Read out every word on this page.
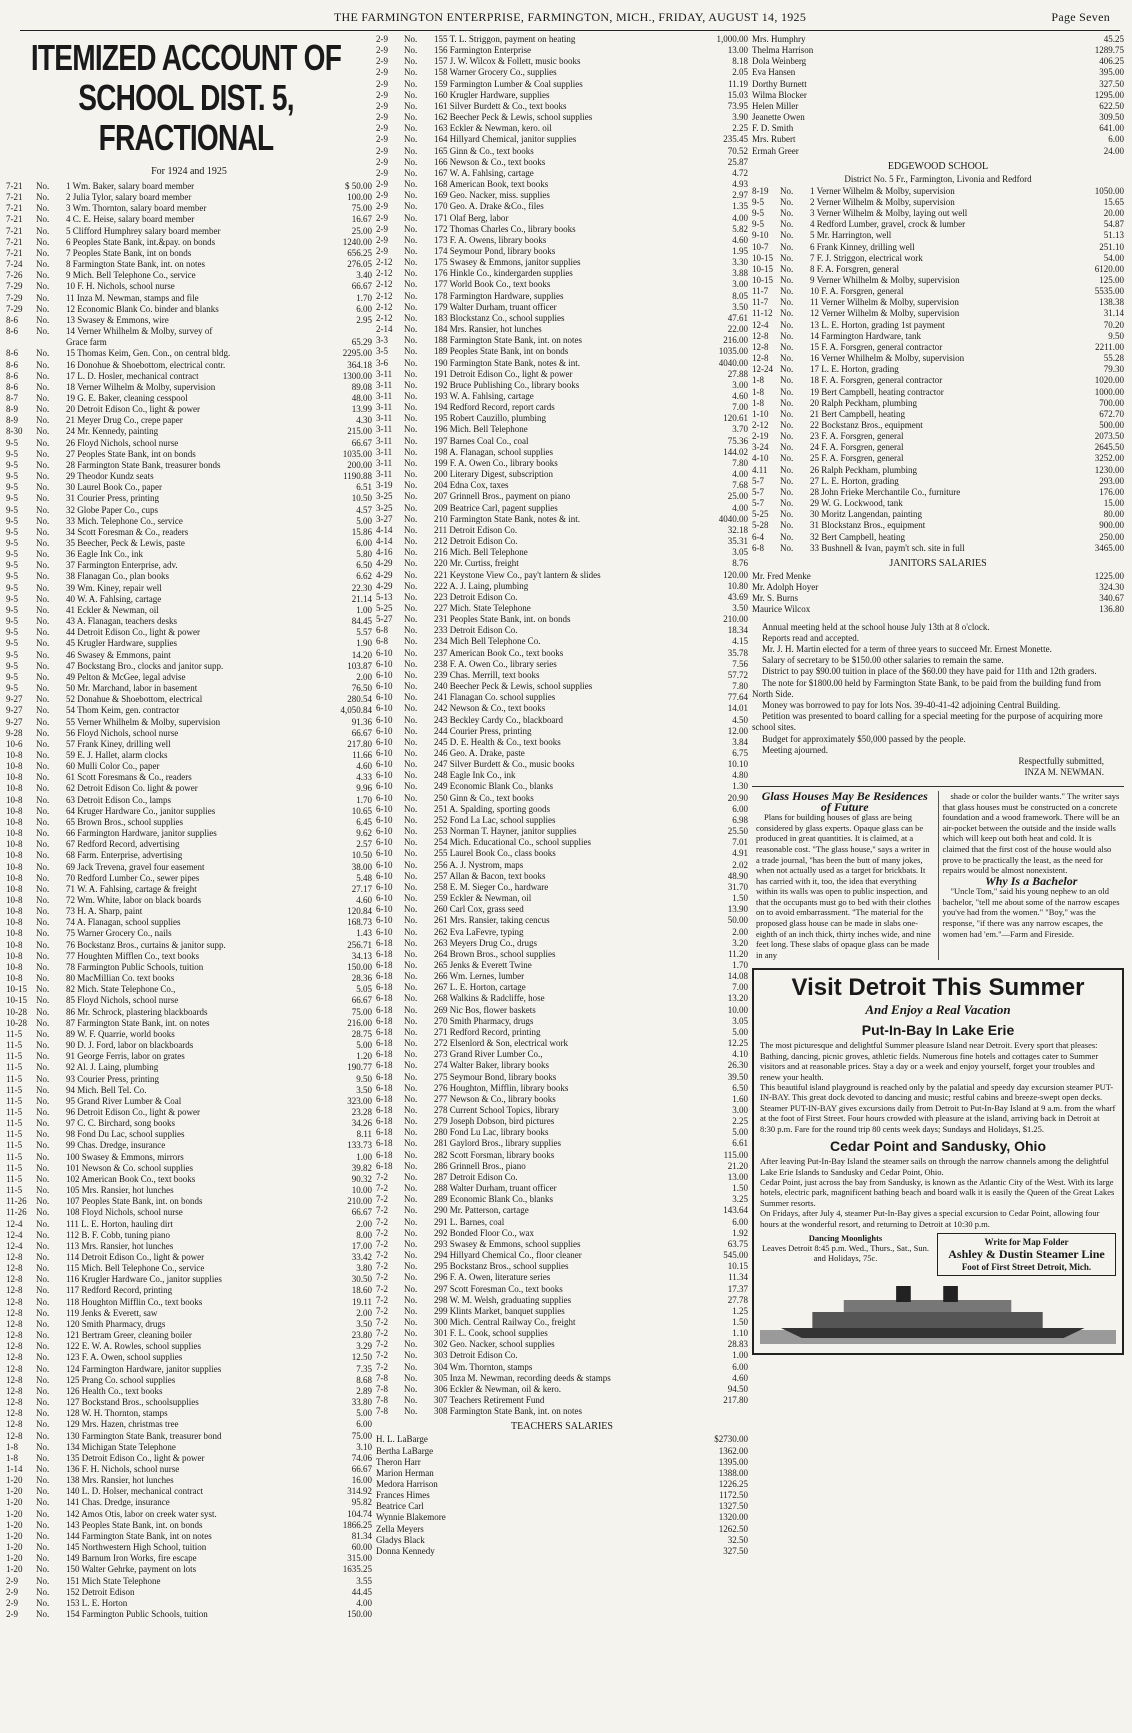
THE FARMINGTON ENTERPRISE, FARMINGTON, MICH., FRIDAY, AUGUST 14, 1925	Page Seven
ITEMIZED ACCOUNT OF
SCHOOL DIST. 5, FRACTIONAL
For 1924 and 1925
7-21	No.	1 Wm. Baker, salary board member	$ 50.00
7-21	No.	2 Julia Tylor, salary board member	100.00
7-21	No.	3 Wm. Thornton, salary board member	75.00
7-21	No.	4 C. E. Heise, salary board member	16.67
7-21	No.	5 Clifford Humphrey salary board member	25.00
7-21	No.	6 Peoples State Bank, int.&pay. on bonds	1240.00
7-21	No.	7 Peoples State Bank, int on bonds	656.25
7-24	No.	8 Farmington State Bank, int. on notes	276.05
7-26	No.	9 Mich. Bell Telephone Co., service	3.40
7-29	No.	10 F. H. Nichols, school nurse	66.67
7-29	No.	11 Inza M. Newman, stamps and file	1.70
7-29	No.	12 Economic Blank Co. binder and blanks	6.00
8-6	No.	13 Swasey & Emmons, wire	2.95
8-6	No.	14 Verner Whilhelm & Molby, survey of
Grace farm	65.29
8-6	No.	15 Thomas Keim, Gen. Con., on central bldg.	2295.00
8-6	No.	16 Donohue & Shoebottom, electrical contr.	364.18
8-6	No.	17 L. D. Hosler, mechanical contract	1300.00
8-6	No.	18 Verner Wilhelm & Molby, supervision	89.08
8-7	No.	19 G. E. Baker, cleaning cesspool	48.00
8-9	No.	20 Detroit Edison Co., light & power	13.99
8-9	No.	21 Meyer Drug Co., crepe paper	4.30
8-30	No.	24 Mr. Kennedy, painting	215.00
9-5	No.	26 Floyd Nichols, school nurse	66.67
9-5	No.	27 Peoples State Bank, int on bonds	1035.00
9-5	No.	28 Farmington State Bank, treasurer bonds	200.00
9-5	No.	29 Theodor Kundz seats	1190.88
9-5	No.	30 Laurel Book Co., paper	6.51
9-5	No.	31 Courier Press, printing	10.50
9-5	No.	32 Globe Paper Co., cups	4.57
9-5	No.	33 Mich. Telephone Co., service	5.00
9-5	No.	34 Scott Foresman & Co., readers	15.86
9-5	No.	35 Beecher, Peck & Lewis, paste	6.00
9-5	No.	36 Eagle Ink Co., ink	5.80
9-5	No.	37 Farmington Enterprise, adv.	6.50
9-5	No.	38 Flanagan Co., plan books	6.62
9-5	No.	39 Wm. Kiney, repair well	22.30
9-5	No.	40 W. A. Fahlsing, cartage	21.14
9-5	No.	41 Eckler & Newman, oil	1.00
9-5	No.	43 A. Flanagan, teachers desks	84.45
9-5	No.	44 Detroit Edison Co., light & power	5.57
9-5	No.	45 Krugler Hardware, supplies	1.90
9-5	No.	46 Swasey & Emmons, paint	14.20
9-5	No.	47 Bockstang Bro., clocks and janitor supp.	103.87
9-5	No.	49 Pelton & McGee, legal advise	2.00
9-5	No.	50 Mr. Marchand, labor in basement	76.50
9-27	No.	52 Donahue & Shoebottom, electrical	280.54
9-27	No.	54 Thom Keim, gen. contractor	4,050.84
9-27	No.	55 Verner Whilhelm & Molby, supervision	91.36
9-28	No.	56 Floyd Nichols, school nurse	66.67
10-6	No.	57 Frank Kiney, drilling well	217.80
10-8	No.	59 E. J. Hallet, alarm clocks	11.66
10-8	No.	60 Mulli Color Co., paper	4.60
10-8	No.	61 Scott Foresmans & Co., readers	4.33
10-8	No.	62 Detroit Edison Co. light & power	9.96
10-8	No.	63 Detroit Edison Co., lamps	1.70
10-8	No.	64 Kruger Hardware Co., janitor supplies	10.65
10-8	No.	65 Brown Bros., school supplies	6.45
10-8	No.	66 Farmington Hardware, janitor supplies	9.62
10-8	No.	67 Redford Record, advertising	2.57
10-8	No.	68 Farm. Enterprise, advertising	10.50
10-8	No.	69 Jack Trevena, gravel four easement	38.00
10-8	No.	70 Redford Lumber Co., sewer pipes	5.48
10-8	No.	71 W. A. Fahlsing, cartage & freight	27.17
10-8	No.	72 Wm. White, labor on black boards	4.60
10-8	No.	73 H. A. Sharp, paint	120.84
10-8	No.	74 A. Flanagan, school supplies	168.73
10-8	No.	75 Warner Grocery Co., nails	1.43
10-8	No.	76 Bockstanz Bros., curtains & janitor supp.	256.71
10-8	No.	77 Houghten Mifflen Co., text books	34.13
10-8	No.	78 Farmington Public Schools, tuition	150.00
10-8	No.	80 MacMillian Co. text books	28.36
10-15	No.	82 Mich. State Telephone Co.,	5.05
10-15	No.	85 Floyd Nichols, school nurse	66.67
10-28	No.	86 Mr. Schrock, plastering blackboards	75.00
10-28	No.	87 Farmington State Bank, int. on notes	216.00
11-5	No.	89 W. F. Quarrie, world books	28.75
11-5	No.	90 D. J. Ford, labor on blackboards	5.00
11-5	No.	91 George Ferris, labor on grates	1.20
11-5	No.	92 Al. J. Laing, plumbing	190.77
11-5	No.	93 Courier Press, printing	9.50
11-5	No.	94 Mich. Bell Tel. Co.	3.50
11-5	No.	95 Grand River Lumber & Coal	323.00
11-5	No.	96 Detroit Edison Co., light & power	23.28
11-5	No.	97 C. C. Birchard, song books	34.26
11-5	No.	98 Fond Du Lac, school supplies	8.11
11-5	No.	99 Chas. Dredge, insurance	133.73
11-5	No.	100 Swasey & Emmons, mirrors	1.00
11-5	No.	101 Newson & Co. school supplies	39.82
11-5	No.	102 American Book Co., text books	90.32
11-5	No.	105 Mrs. Ransier, hot lunches	10.00
11-26	No.	107 Peoples State Bank, int. on bonds	210.00
11-26	No.	108 Floyd Nichols, school nurse	66.67
12-4	No.	111 L. E. Horton, hauling dirt	2.00
12-4	No.	112 B. F. Cobb, tuning piano	8.00
12-4	No.	113 Mrs. Ransier, hot lunches	17.00
12-8	No.	114 Detroit Edison Co., light & power	33.42
12-8	No.	115 Mich. Bell Telephone Co., service	3.80
12-8	No.	116 Krugler Hardware Co., janitor supplies	30.50
12-8	No.	117 Redford Record, printing	18.60
12-8	No.	118 Houghton Mifflin Co., text books	19.11
12-8	No.	119 Jenks & Everett, saw	2.00
12-8	No.	120 Smith Pharmacy, drugs	3.50
12-8	No.	121 Bertram Greer, cleaning boiler	23.80
12-8	No.	122 E. W. A. Rowles, school supplies	3.29
12-8	No.	123 F. A. Owen, school supplies	12.50
12-8	No.	124 Farmington Hardware, janitor supplies	7.35
12-8	No.	125 Prang Co. school supplies	8.68
12-8	No.	126 Health Co., text books	2.89
12-8	No.	127 Bockstand Bros., schoolsupplies	33.80
12-8	No.	128 W. H. Thornton, stamps	5.00
12-8	No.	129 Mrs. Hazen, christmas tree	6.00
12-8	No.	130 Farmington State Bank, treasurer bond	75.00
1-8	No.	134 Michigan State Telephone	3.10
1-8	No.	135 Detroit Edison Co., light & power	74.06
1-14	No.	136 F. H. Nichols, school nurse	66.67
1-20	No.	138 Mrs. Ransier, hot lunches	16.00
1-20	No.	140 L. D. Holser, mechanical contract	314.92
1-20	No.	141 Chas. Dredge, insurance	95.82
1-20	No.	142 Amos Otis, labor on creek water syst.	104.74
1-20	No.	143 Peoples State Bank, int. on bonds	1866.25
1-20	No.	144 Farmington State Bank, int on notes	81.34
1-20	No.	145 Northwestern High School, tuition	60.00
1-20	No.	149 Barnum Iron Works, fire escape	315.00
1-20	No.	150 Walter Gehrke, payment on lots	1635.25
2-9	No.	151 Mich State Telephone	3.55
2-9	No.	152 Detroit Edison	44.45
2-9	No.	153 L. E. Horton	4.00
2-9	No.	154 Farmington Public Schools, tuition	150.00
2-9	No.	155 T. L. Striggon, payment on heating	1,000.00
2-9	No.	156 Farmington Enterprise	13.00
2-9	No.	157 J. W. Wilcox & Follett, music books	8.18
2-9	No.	158 Warner Grocery Co., supplies	2.05
2-9	No.	159 Farmington Lumber & Coal supplies	11.19
2-9	No.	160 Krugler Hardware, supplies	15.03
2-9	No.	161 Silver Burdett & Co., text books	73.95
2-9	No.	162 Beecher Peck & Lewis, school supplies	3.90
2-9	No.	163 Eckler & Newman, kero. oil	2.25
2-9	No.	164 Hillyard Chemical, janitor supplies	235.45
2-9	No.	165 Ginn & Co., text books	70.52
2-9	No.	166 Newson & Co., text books	25.87
2-9	No.	167 W. A. Fahlsing, cartage	4.72
2-9	No.	168 American Book, text books	4.93
2-9	No.	169 Geo. Nacker, miss. supplies	2.97
2-9	No.	170 Geo. A. Drake &Co., files	1.35
2-9	No.	171 Olaf Berg, labor	4.00
2-9	No.	172 Thomas Charles Co., library books	5.82
2-9	No.	173 F. A. Owens, library books	4.60
2-9	No.	174 Seymour Pond, library books	1.95
2-12	No.	175 Swasey & Emmons, janitor supplies	3.30
2-12	No.	176 Hinkle Co., kindergarden supplies	3.88
2-12	No.	177 World Book Co., text books	3.00
2-12	No.	178 Farmington Hardware, supplies	8.05
2-12	No.	179 Walter Durham, truant officer	3.50
2-12	No.	183 Blockstanz Co., school supplies	47.61
2-14	No.	184 Mrs. Ransier, hot lunches	22.00
3-3	No.	188 Farmington State Bank, int. on notes	216.00
3-5	No.	189 Peoples State Bank, int on bonds	1035.00
3-6	No.	190 Farmington State Bank, notes & int.	4040.00
3-11	No.	191 Detroit Edison Co., light & power	27.88
3-11	No.	192 Bruce Publishing Co., library books	3.00
3-11	No.	193 W. A. Fahlsing, cartage	4.60
3-11	No.	194 Redford Record, report cards	7.00
3-11	No.	195 Robert Cauzillo, plumbing	120.61
3-11	No.	196 Mich. Bell Telephone	3.70
3-11	No.	197 Barnes Coal Co., coal	75.36
3-11	No.	198 A. Flanagan, school supplies	144.02
3-11	No.	199 F. A. Owen Co., library books	7.80
3-11	No.	200 Literary Digest, subscription	4.00
3-19	No.	204 Edna Cox, taxes	7.68
3-25	No.	207 Grinnell Bros., payment on piano	25.00
3-25	No.	209 Beatrice Carl, pagent supplies	4.00
3-27	No.	210 Farmington State Bank, notes & int.	4040.00
4-14	No.	211 Detroit Edison Co.	32.18
4-14	No.	212 Detroit Edison Co.	35.31
4-16	No.	216 Mich. Bell Telephone	3.05
4-29	No.	220 Mr. Curtiss, freight	8.76
4-29	No.	221 Keystone View Co., pay't lantern & slides	120.00
4-29	No.	222 A. J. Laing, plumbing	10.80
5-13	No.	223 Detroit Edison Co.	43.69
5-25	No.	227 Mich. State Telephone	3.50
5-27	No.	231 Peoples State Bank, int. on bonds	210.00
6-8	No.	233 Detroit Edison Co.	18.34
6-8	No.	234 Mich Bell Telephone Co.	4.15
6-10	No.	237 American Book Co., text books	35.78
6-10	No.	238 F. A. Owen Co., library series	7.56
6-10	No.	239 Chas. Merrill, text books	57.72
6-10	No.	240 Beecher Peck & Lewis, school supplies	7.80
6-10	No.	241 Flanagan Co. school supplies	77.64
6-10	No.	242 Newson & Co., text books	14.01
6-10	No.	243 Beckley Cardy Co., blackboard	4.50
6-10	No.	244 Courier Press, printing	12.00
6-10	No.	245 D. E. Health & Co., text books	3.84
6-10	No.	246 Geo. A. Drake, paste	6.75
6-10	No.	247 Silver Burdett & Co., music books	10.10
6-10	No.	248 Eagle Ink Co., ink	4.80
6-10	No.	249 Economic Blank Co., blanks	1.30
6-10	No.	250 Ginn & Co., text books	20.90
6-10	No.	251 A. Spalding, sporting goods	6.00
6-10	No.	252 Fond La Lac, school supplies	6.98
6-10	No.	253 Norman T. Hayner, janitor supplies	25.50
6-10	No.	254 Mich. Educational Co., school supplies	7.01
6-10	No.	255 Laurel Book Co., class books	4.91
6-10	No.	256 A. J. Nystrom, maps	2.02
6-10	No.	257 Allan & Bacon, text books	48.90
6-10	No.	258 E. M. Sieger Co., hardware	31.70
6-10	No.	259 Eckler & Newman, oil	1.50
6-10	No.	260 Carl Cox, grass seed	13.90
6-10	No.	261 Mrs. Ransier, taking cencus	50.00
6-10	No.	262 Eva LaFevre, typing	2.00
6-18	No.	263 Meyers Drug Co., drugs	3.20
6-18	No.	264 Brown Bros., school supplies	11.20
6-18	No.	265 Jenks & Everett Twine	1.70
6-18	No.	266 Wm. Lernes, lumber	14.08
6-18	No.	267 L. E. Horton, cartage	7.00
6-18	No.	268 Walkins & Radcliffe, hose	13.20
6-18	No.	269 Nic Bos, flower baskets	10.00
6-18	No.	270 Smith Pharmacy, drugs	3.05
6-18	No.	271 Redford Record, printing	5.00
6-18	No.	272 Elsenlord & Son, electrical work	12.25
6-18	No.	273 Grand River Lumber Co.,	4.10
6-18	No.	274 Walter Baker, library books	26.30
6-18	No.	275 Seymour Bond, library books	39.50
6-18	No.	276 Houghton, Mifflin, library books	6.50
6-18	No.	277 Newson & Co., library books	1.60
6-18	No.	278 Current School Topics, library	3.00
6-18	No.	279 Joseph Dobson, bird pictures	2.25
6-18	No.	280 Fond Lu Lac, library books	5.00
6-18	No.	281 Gaylord Bros., library supplies	6.61
6-18	No.	282 Scott Forsman, library books	115.00
6-18	No.	286 Grinnell Bros., piano	21.20
7-2	No.	287 Detroit Edison Co.	13.00
7-2	No.	288 Walter Durham, truant officer	1.50
7-2	No.	289 Economic Blank Co., blanks	3.25
7-2	No.	290 Mr. Patterson, cartage	143.64
7-2	No.	291 L. Barnes, coal	6.00
7-2	No.	292 Bonded Floor Co., wax	1.92
7-2	No.	293 Swasey & Emmons, school supplies	63.75
7-2	No.	294 Hillyard Chemical Co., floor cleaner	545.00
7-2	No.	295 Bockstanz Bros., school supplies	10.15
7-2	No.	296 F. A. Owen, literature series	11.34
7-2	No.	297 Scott Foresman Co., text books	17.37
7-2	No.	298 W. M. Welsh, graduating supplies	27.78
7-2	No.	299 Klints Market, banquet supplies	1.25
7-2	No.	300 Mich. Central Railway Co., freight	1.50
7-2	No.	301 F. L. Cook, school supplies	1.10
7-2	No.	302 Geo. Nacker, school supplies	28.83
7-2	No.	303 Detroit Edison Co.	1.00
7-2	No.	304 Wm. Thornton, stamps	6.00
7-8	No.	305 Inza M. Newman, recording deeds & stamps	4.60
7-8	No.	306 Eckler & Newman, oil & kero.	94.50
7-8	No.	307 Teachers Retirement Fund	217.80
7-8	No.	308 Farmington State Bank, int. on notes
TEACHERS SALARIES
H. L. LaBarge	$2730.00
Bertha LaBarge	1362.00
Theron Harr	1395.00
Marion Herman	1388.00
Medora Harrison	1226.25
Frances Himes	1172.50
Beatrice Carl	1327.50
Wynnie Blakemore	1320.00
Zella Meyers	1262.50
Gladys Black	32.50
Donna Kennedy	327.50
Mrs. Humphry	45.25
Thelma Harrison	1289.75
Dola Weinberg	406.25
Eva Hansen	395.00
Dorthy Burnett	327.50
Wilma Blocker	1295.00
Helen Miller	622.50
Jeanette Owen	309.50
F. D. Smith	641.00
Mrs. Rubert	6.00
Ermah Greer	24.00
EDGEWOOD SCHOOL
District No. 5 Fr., Farmington, Livonia and Redford
8-19	No.	1 Verner Wilhelm & Molby, supervision	1050.00
9-5	No.	2 Verner Wilhelm & Molby, supervision	15.65
9-5	No.	3 Verner Wilhelm & Molby, laying out well	20.00
9-5	No.	4 Redford Lumber, gravel, crock & lumber	54.87
9-10	No.	5 Mr. Harrington, well	51.13
10-7	No.	6 Frank Kinney, drilling well	251.10
10-15 No.	7 F. J. Striggon, electrical work	54.00
10-15 No.	8 F. A. Forsgren, general	6120.00
10-15 No.	9 Verner Whilhelm & Molby, supervision	125.00
11-7	No.	10 F. A. Forsgren, general	5535.00
11-7	No.	11 Verner Wilhelm & Molby, supervision	138.38
11-12 No.	12 Verner Wilhelm & Molby, supervision	31.14
12-4	No.	13 L. E. Horton, grading 1st payment	70.20
12-8	No.	14 Farmington Hardware, tank	9.50
12-8	No.	15 F. A. Forsgren, general contractor	2211.00
12-8	No.	16 Verner Whilhelm & Molby, supervision	55.28
12-24 No.	17 L. E. Horton, grading	79.30
1-8	No.	18 F. A. Forsgren, general contractor	1020.00
1-8	No.	19 Bert Campbell, heating contractor	1000.00
1-8	No.	20 Ralph Peckham, plumbing	700.00
1-10	No.	21 Bert Campbell, heating	672.70
2-12	No.	22 Bockstanz Bros., equipment	500.00
2-19	No.	23 F. A. Forsgren, general	2073.50
3-24	No.	24 F. A. Forsgren, general	2645.50
4-10	No.	25 F. A. Forsgren, general	3252.00
4.11	No.	26 Ralph Peckham, plumbing	1230.00
5-7	No.	27 L. E. Horton, grading	293.00
5-7	No.	28 John Frieke Merchantile Co., furniture	176.00
5-7	No.	29 W. G. Lockwood, tank	15.00
5-25	No.	30 Moritz Langendan, painting	80.00
5-28	No.	31 Blockstanz Bros., equipment	900.00
6-4	No.	32 Bert Campbell, heating	250.00
6-8	No.	33 Bushnell & Ivan, paym't sch. site in full	3465.00
JANITORS SALARIES
Mr. Fred Menke	1225.00
Mr. Adolph Hoyer	324.30
Mr. S. Burns	340.67
Maurice Wilcox	136.80

Annual meeting held at the school house July 13th at 8 o'clock.

Reports read and accepted.

Mr. J. H. Martin elected for a term of three years to succeed Mr. Ernest Monette.

Salary of secretary to be $150.00 other salaries to remain the same.

District to pay $90.00 tuition in place of the $60.00 they have paid for 11th and 12th graders.

The note for $1800.00 held by Farmington State Bank, to be paid from the building fund from North Side.

Money was borrowed to pay for lots Nos. 39-40-41-42 adjoining Central Building.

Petition was presented to board calling for a special meeting for the purpose of acquiring more school sites.

Budget for approximately $50,000 passed by the people.

Meeting ajourned.

Respectfully submitted,
INZA M. NEWMAN.
Glass Houses May Be Residences of Future

Plans for building houses of glass are being considered by glass experts. Opaque glass can be produced in great quantities. It is claimed, at a reasonable cost. "The glass house," says a writer in a trade journal, "has been the butt of many jokes, when not actually used as a target for brickbats. It has carried with it, too, the idea that everything within its walls was open to public inspection, and that the occupants must go to bed with their clothes on to avoid embarrassment. "The material for the proposed glass house can be made in slabs one-eighth of an inch thick, thirty inches wide, and nine feet long. These slabs of opaque glass can be made in any

shade or color the builder wants." The writer says that glass houses must be constructed on a concrete foundation and a wood framework. There will be an air-pocket between the outside and the inside walls which will keep out both heat and cold. It is claimed that the first cost of the house would also prove to be practically the least, as the need for repairs would be almost nonexistent.

Why Is a Bachelor

"Uncle Tom," said his young nephew to an old bachelor, "tell me about some of the narrow escapes you've had from the women." "Boy," was the response, "if there was any narrow escapes, the women had 'em."—Farm and Fireside.

Visit Detroit This Summer
And Enjoy a Real Vacation
Put-In-Bay In Lake Erie

The most picturesque and delightful Summer pleasure Island near Detroit. Every sport that pleases: Bathing, dancing, picnic groves, athletic fields. Numerous fine hotels and cottages cater to Summer visitors and at reasonable prices. Stay a day or a week and enjoy yourself, forget your troubles and renew your health.

This beautiful island playground is reached only by the palatial and speedy day excursion steamer PUT-IN-BAY. This great dock devoted to dancing and music; restful cabins and breeze-swept open decks.

Steamer PUT-IN-BAY gives excursions daily from Detroit to Put-In-Bay Island at 9 a.m. from the wharf at the foot of First Street. Four hours crowded with pleasure at the island, arriving back in Detroit at 8:30 p.m. Fare for the round trip 80 cents week days; Sundays and Holidays, $1.25.

Cedar Point and Sandusky, Ohio

After leaving Put-In-Bay Island the steamer sails on through the narrow channels among the delightful Lake Erie Islands to Sandusky and Cedar Point, Ohio.

Cedar Point, just across the bay from Sandusky, is known as the Atlantic City of the West. With its large hotels, electric park, magnificent bathing beach and board walk it is easily the Queen of the Great Lakes Summer resorts.

On Fridays, after July 4, steamer Put-In-Bay gives a special excursion to Cedar Point, allowing four hours at the wonderful resort, and returning to Detroit at 10:30 p.m.

Dancing Moonlights
Leaves Detroit 8:45 p.m. Wed., Thurs., Sat., Sun. and Holidays, 75c.
Write for Map Folder
Ashley & Dustin Steamer Line
Foot of First Street Detroit, Mich.
